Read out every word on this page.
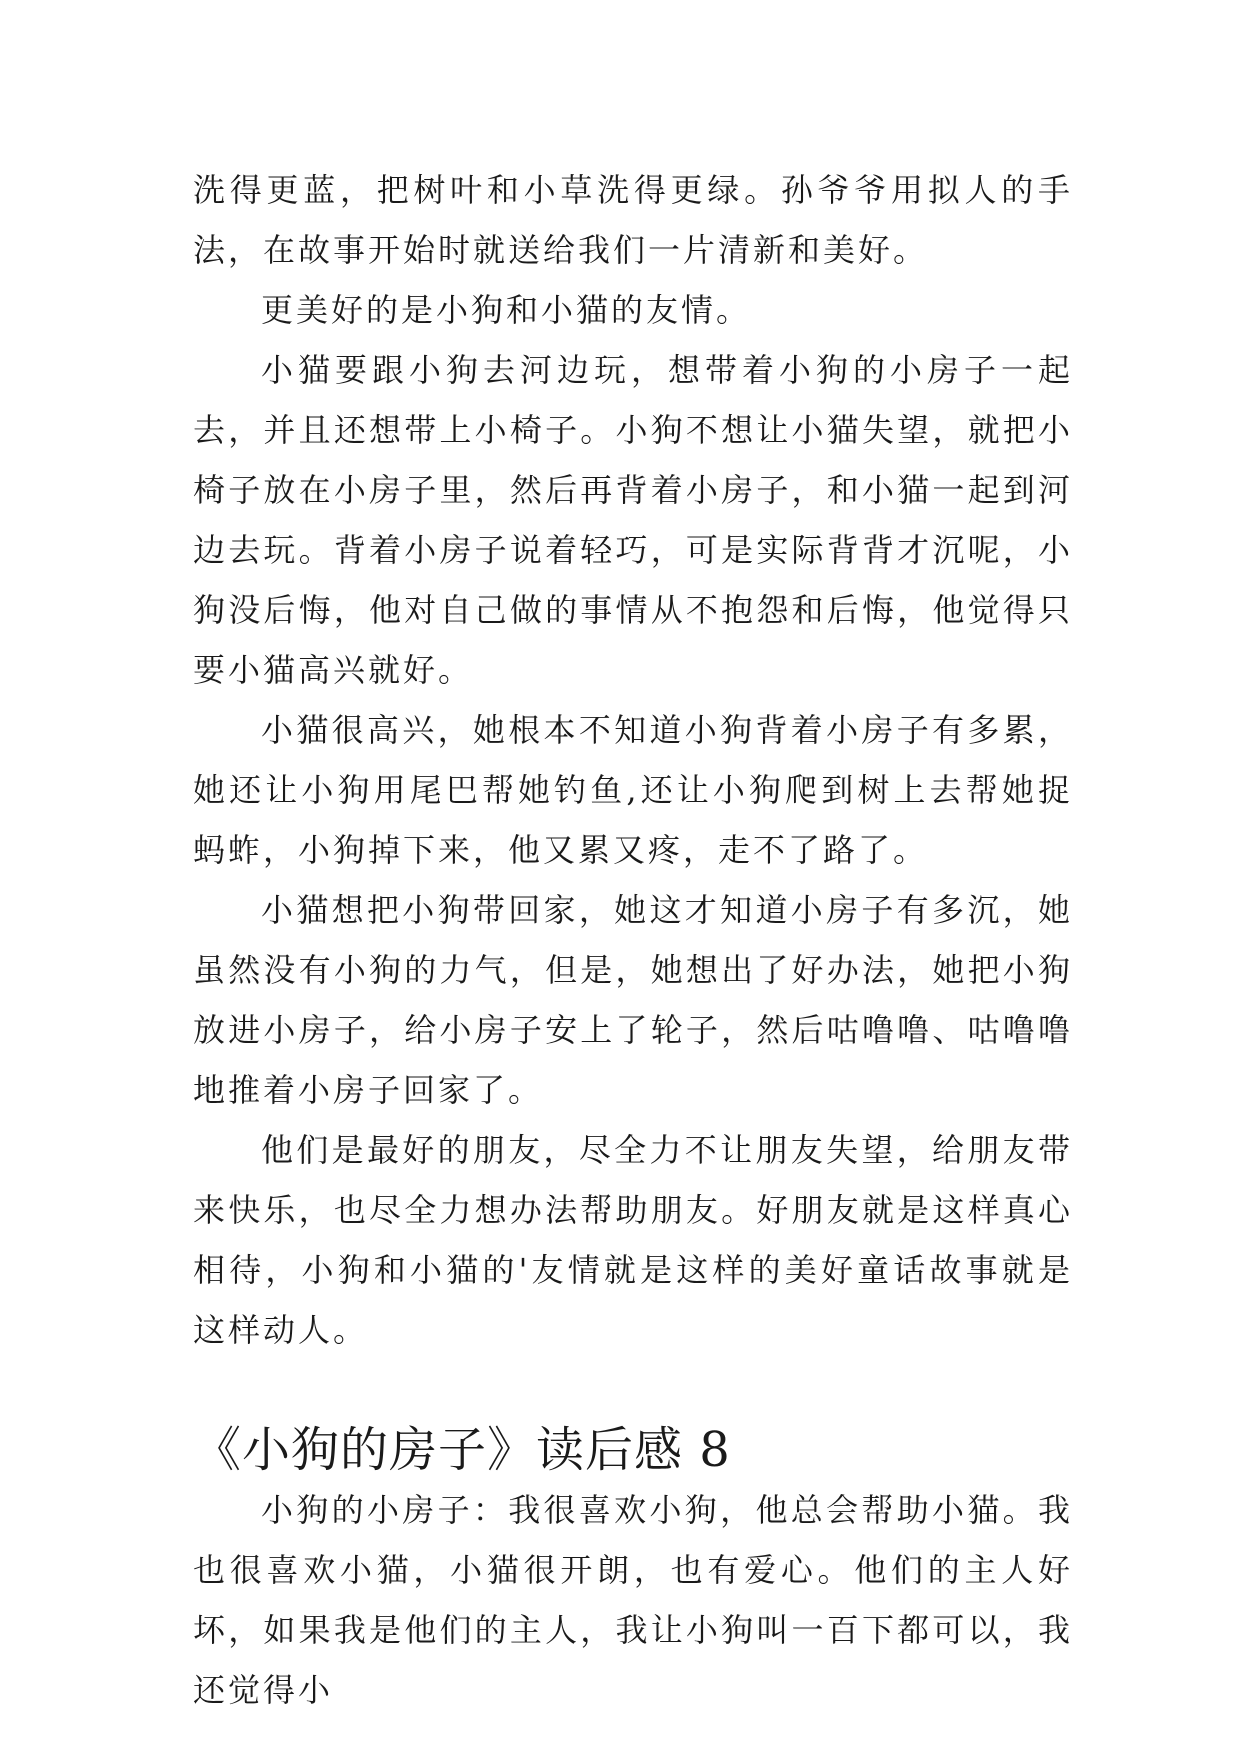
洗得更蓝，把树叶和小草洗得更绿。孙爷爷用拟人的手法，在故事开始时就送给我们一片清新和美好。

更美好的是小狗和小猫的友情。

小猫要跟小狗去河边玩，想带着小狗的小房子一起去，并且还想带上小椅子。小狗不想让小猫失望，就把小椅子放在小房子里，然后再背着小房子，和小猫一起到河边去玩。背着小房子说着轻巧，可是实际背背才沉呢，小狗没后悔，他对自己做的事情从不抱怨和后悔，他觉得只要小猫高兴就好。

小猫很高兴，她根本不知道小狗背着小房子有多累，她还让小狗用尾巴帮她钓鱼,还让小狗爬到树上去帮她捉蚂蚱，小狗掉下来，他又累又疼，走不了路了。

小猫想把小狗带回家，她这才知道小房子有多沉，她虽然没有小狗的力气，但是，她想出了好办法，她把小狗放进小房子，给小房子安上了轮子，然后咕噜噜、咕噜噜地推着小房子回家了。

他们是最好的朋友，尽全力不让朋友失望，给朋友带来快乐，也尽全力想办法帮助朋友。好朋友就是这样真心相待，小狗和小猫的'友情就是这样的美好童话故事就是这样动人。

《小狗的房子》读后感 8

小狗的小房子：我很喜欢小狗，他总会帮助小猫。我也很喜欢小猫，小猫很开朗，也有爱心。他们的主人好坏，如果我是他们的主人，我让小狗叫一百下都可以，我还觉得小
